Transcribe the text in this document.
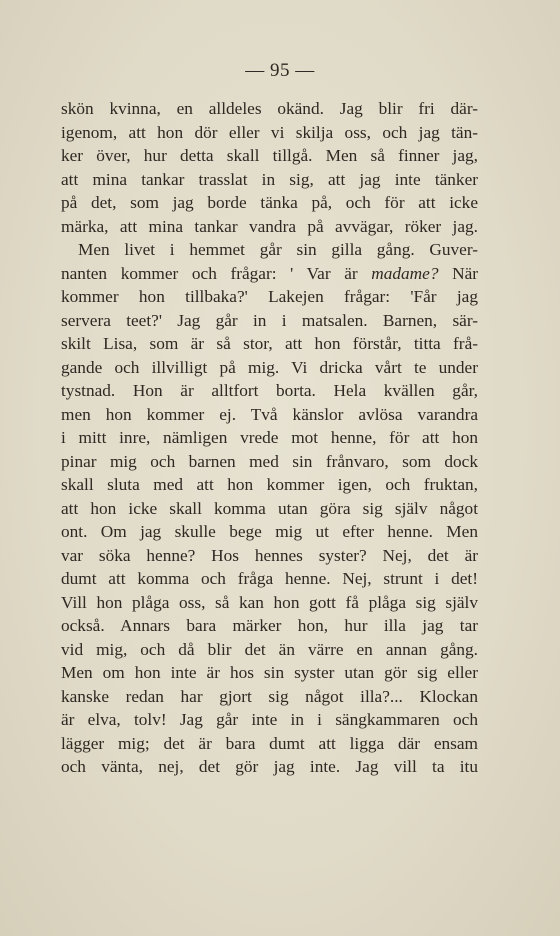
— 95 —
skön kvinna, en alldeles okänd. Jag blir fri där-
igenom, att hon dör eller vi skilja oss, och jag tän-
ker över, hur detta skall tillgå. Men så finner jag,
att mina tankar trasslat in sig, att jag inte tänker
på det, som jag borde tänka på, och för att icke
märka, att mina tankar vandra på avvägar, röker jag.
Men livet i hemmet går sin gilla gång. Guver-
nanten kommer och frågar: ' Var är madame? När
kommer hon tillbaka?' Lakejen frågar: 'Får jag
servera teet?' Jag går in i matsalen. Barnen, sär-
skilt Lisa, som är så stor, att hon förstår, titta frå-
gande och illvilligt på mig. Vi dricka vårt te under
tystnad. Hon är alltfort borta. Hela kvällen går,
men hon kommer ej. Två känslor avlösa varandra
i mitt inre, nämligen vrede mot henne, för att hon
pinar mig och barnen med sin frånvaro, som dock
skall sluta med att hon kommer igen, och fruktan,
att hon icke skall komma utan göra sig själv något
ont. Om jag skulle bege mig ut efter henne. Men
var söka henne? Hos hennes syster? Nej, det är
dumt att komma och fråga henne. Nej, strunt i det!
Vill hon plåga oss, så kan hon gott få plåga sig själv
också. Annars bara märker hon, hur illa jag tar
vid mig, och då blir det än värre en annan gång.
Men om hon inte är hos sin syster utan gör sig eller
kanske redan har gjort sig något illa?... Klockan
är elva, tolv! Jag går inte in i sängkammaren och
lägger mig; det är bara dumt att ligga där ensam
och vänta, nej, det gör jag inte. Jag vill ta itu
